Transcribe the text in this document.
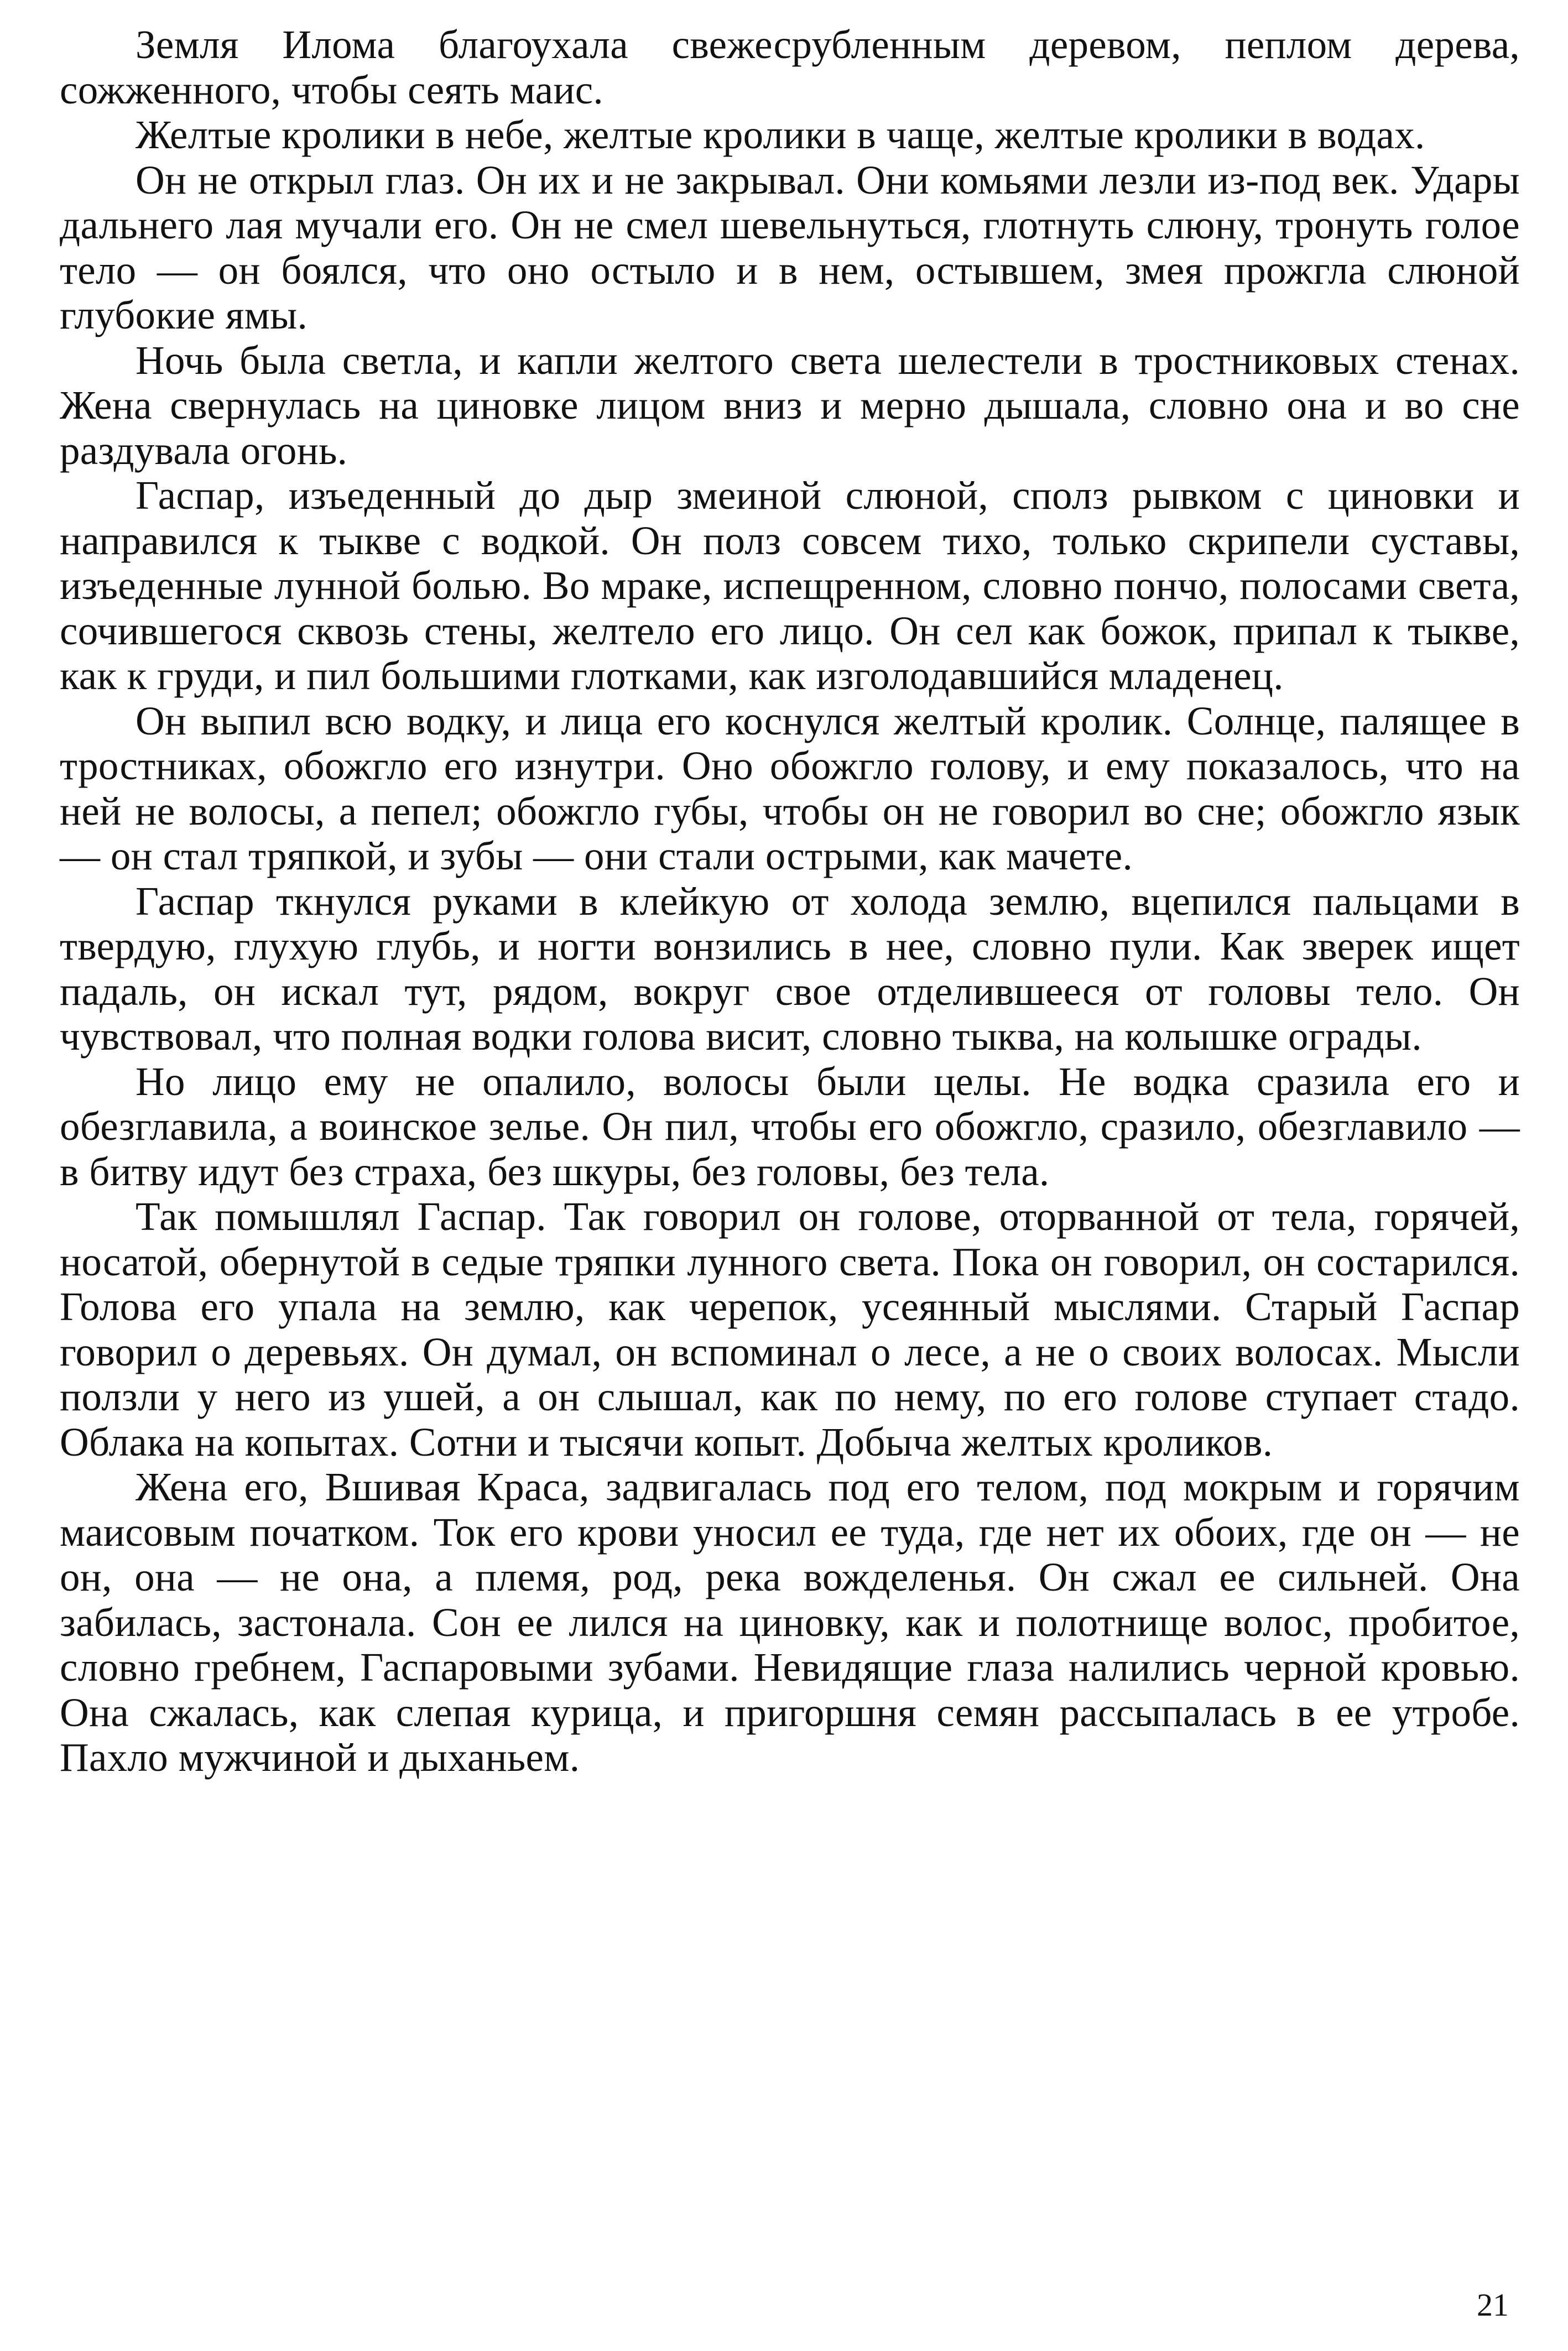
Земля Илома благоухала свежесрубленным деревом, пеплом дерева, сожженного, чтобы сеять маис.

Желтые кролики в небе, желтые кролики в чаще, желтые кролики в водах.

Он не открыл глаз. Он их и не закрывал. Они комьями лезли из-под век. Удары дальнего лая мучали его. Он не смел шевельнуться, глотнуть слюну, тронуть голое тело — он боялся, что оно остыло и в нем, остывшем, змея прожгла слюной глубокие ямы.

Ночь была светла, и капли желтого света шелестели в тростниковых стенах. Жена свернулась на циновке лицом вниз и мерно дышала, словно она и во сне раздувала огонь.

Гаспар, изъеденный до дыр змеиной слюной, сполз рывком с циновки и направился к тыкве с водкой. Он полз совсем тихо, только скрипели суставы, изъеденные лунной болью. Во мраке, испещренном, словно пончо, полосами света, сочившегося сквозь стены, желтело его лицо. Он сел как божок, припал к тыкве, как к груди, и пил большими глотками, как изголодавшийся младенец.

Он выпил всю водку, и лица его коснулся желтый кролик. Солнце, палящее в тростниках, обожгло его изнутри. Оно обожгло голову, и ему показалось, что на ней не волосы, а пепел; обожгло губы, чтобы он не говорил во сне; обожгло язык — он стал тряпкой, и зубы — они стали острыми, как мачете.

Гаспар ткнулся руками в клейкую от холода землю, вцепился пальцами в твердую, глухую глубь, и ногти вонзились в нее, словно пули. Как зверек ищет падаль, он искал тут, рядом, вокруг свое отделившееся от головы тело. Он чувствовал, что полная водки голова висит, словно тыква, на колышке ограды.

Но лицо ему не опалило, волосы были целы. Не водка сразила его и обезглавила, а воинское зелье. Он пил, чтобы его обожгло, сразило, обезглавило — в битву идут без страха, без шкуры, без головы, без тела.

Так помышлял Гаспар. Так говорил он голове, оторванной от тела, горячей, носатой, обернутой в седые тряпки лунного света. Пока он говорил, он состарился. Голова его упала на землю, как черепок, усеянный мыслями. Старый Гаспар говорил о деревьях. Он думал, он вспоминал о лесе, а не о своих волосах. Мысли ползли у него из ушей, а он слышал, как по нему, по его голове ступает стадо. Облака на копытах. Сотни и тысячи копыт. Добыча желтых кроликов.

Жена его, Вшивая Краса, задвигалась под его телом, под мокрым и горячим маисовым початком. Ток его крови уносил ее туда, где нет их обоих, где он — не он, она — не она, а племя, род, река вожделенья. Он сжал ее сильней. Она забилась, застонала. Сон ее лился на циновку, как и полотнище волос, пробитое, словно гребнем, Гаспаровыми зубами. Невидящие глаза налились черной кровью. Она сжалась, как слепая курица, и пригоршня семян рассыпалась в ее утробе. Пахло мужчиной и дыханьем.

21
